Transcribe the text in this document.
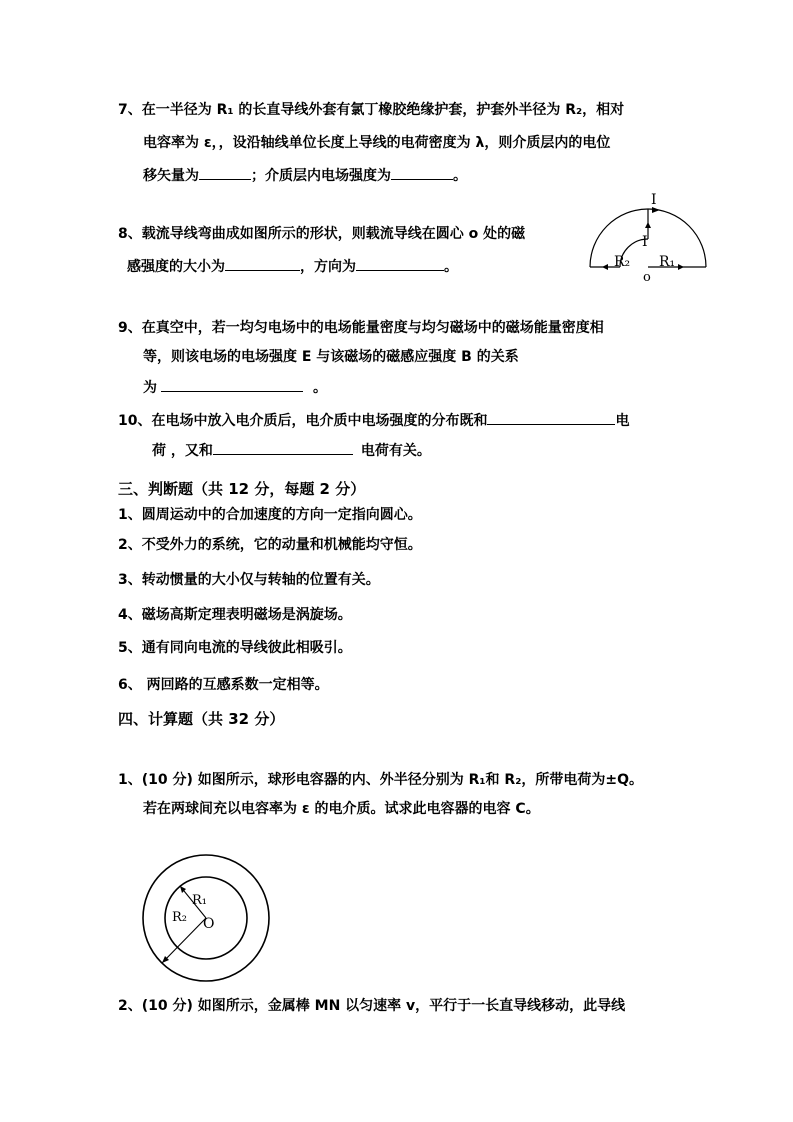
7、在一半径为 R₁ 的长直导线外套有氯丁橡胶绝缘护套，护套外半径为 R₂，相对
电容率为 ε，，设沿轴线单位长度上导线的电荷密度为 λ，则介质层内的电位
移矢量为	；介质层内电场强度为	。
8、载流导线弯曲成如图所示的形状，则载流导线在圆心 o 处的磁
感强度的大小为	，方向为	。
I
I
R₂ R₁
o
9、在真空中，若一均匀电场中的电场能量密度与均匀磁场中的磁场能量密度相
等，则该电场的电场强度 E 与该磁场的磁感应强度 B 的关系
为	。
10、在电场中放入电介质后，电介质中电场强度的分布既和	电
荷 ，又和	电荷有关。
三、判断题（共 12 分，每题 2 分）
1、圆周运动中的合加速度的方向一定指向圆心。
2、不受外力的系统，它的动量和机械能均守恒。
3、转动惯量的大小仅与转轴的位置有关。
4、磁场高斯定理表明磁场是涡旋场。
5、通有同向电流的导线彼此相吸引。
6、 两回路的互感系数一定相等。
四、计算题（共 32 分）
1、(10 分) 如图所示，球形电容器的内、外半径分别为 R₁和 R₂，所带电荷为±Q。
若在两球间充以电容率为 ε 的电介质。试求此电容器的电容 C。
R₁
R₂ O
2、(10 分) 如图所示，金属棒 MN 以匀速率 v，平行于一长直导线移动，此导线
